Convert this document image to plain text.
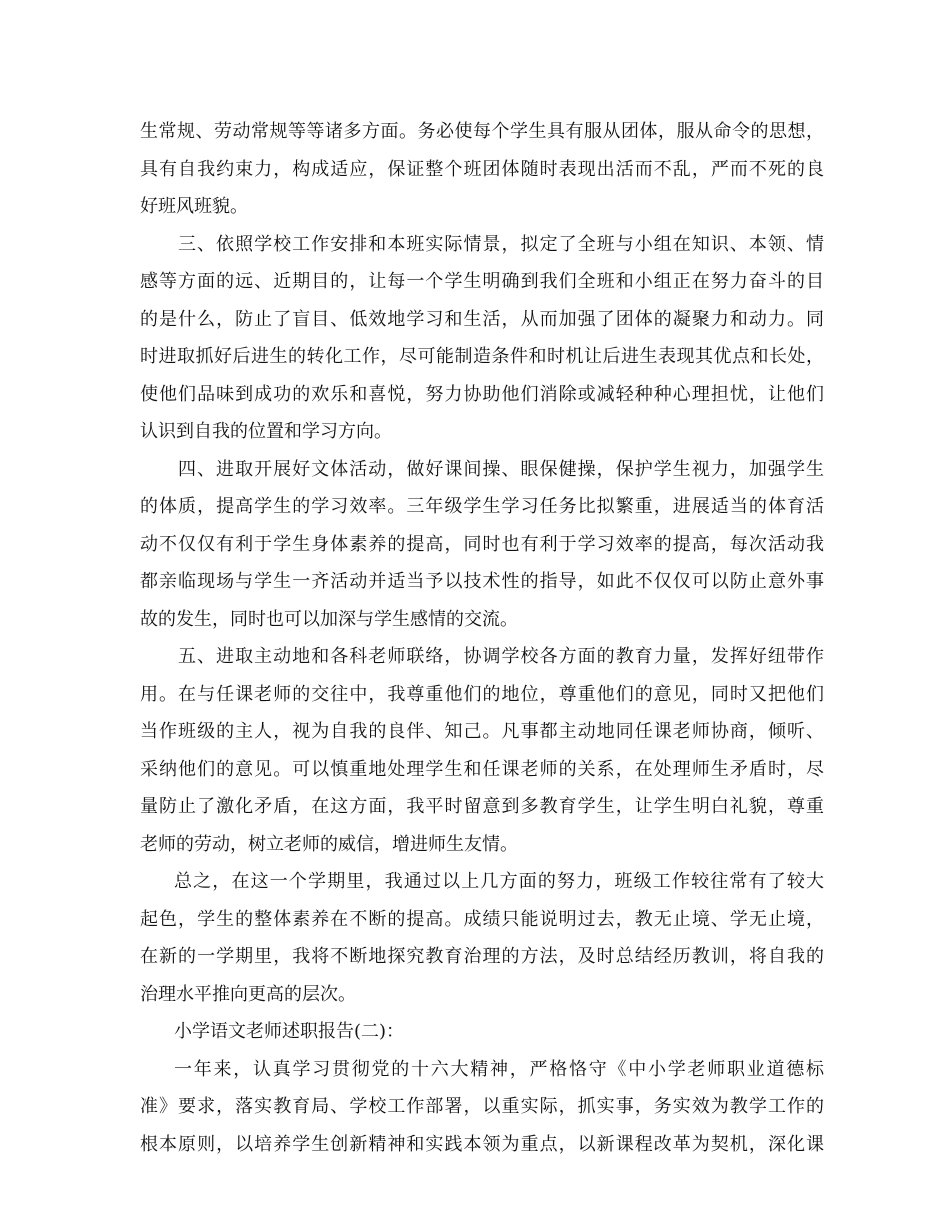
生常规、劳动常规等等诸多方面。务必使每个学生具有服从团体，服从命令的思想，
具有自我约束力，构成适应，保证整个班团体随时表现出活而不乱，严而不死的良
好班风班貌。
三、依照学校工作安排和本班实际情景，拟定了全班与小组在知识、本领、情
感等方面的远、近期目的，让每一个学生明确到我们全班和小组正在努力奋斗的目
的是什么，防止了盲目、低效地学习和生活，从而加强了团体的凝聚力和动力。同
时进取抓好后进生的转化工作，尽可能制造条件和时机让后进生表现其优点和长处，
使他们品味到成功的欢乐和喜悦，努力协助他们消除或减轻种种心理担忧，让他们
认识到自我的位置和学习方向。
四、进取开展好文体活动，做好课间操、眼保健操，保护学生视力，加强学生
的体质，提高学生的学习效率。三年级学生学习任务比拟繁重，进展适当的体育活
动不仅仅有利于学生身体素养的提高，同时也有利于学习效率的提高，每次活动我
都亲临现场与学生一齐活动并适当予以技术性的指导，如此不仅仅可以防止意外事
故的发生，同时也可以加深与学生感情的交流。
五、进取主动地和各科老师联络，协调学校各方面的教育力量，发挥好纽带作
用。在与任课老师的交往中，我尊重他们的地位，尊重他们的意见，同时又把他们
当作班级的主人，视为自我的良伴、知己。凡事都主动地同任课老师协商，倾听、
采纳他们的意见。可以慎重地处理学生和任课老师的关系，在处理师生矛盾时，尽
量防止了激化矛盾，在这方面，我平时留意到多教育学生，让学生明白礼貌，尊重
老师的劳动，树立老师的威信，增进师生友情。
总之，在这一个学期里，我通过以上几方面的努力，班级工作较往常有了较大
起色，学生的整体素养在不断的提高。成绩只能说明过去，教无止境、学无止境，
在新的一学期里，我将不断地探究教育治理的方法，及时总结经历教训，将自我的
治理水平推向更高的层次。
小学语文老师述职报告(二)：
一年来，认真学习贯彻党的十六大精神，严格恪守《中小学老师职业道德标
准》要求，落实教育局、学校工作部署，以重实际，抓实事，务实效为教学工作的
根本原则，以培养学生创新精神和实践本领为重点，以新课程改革为契机，深化课
